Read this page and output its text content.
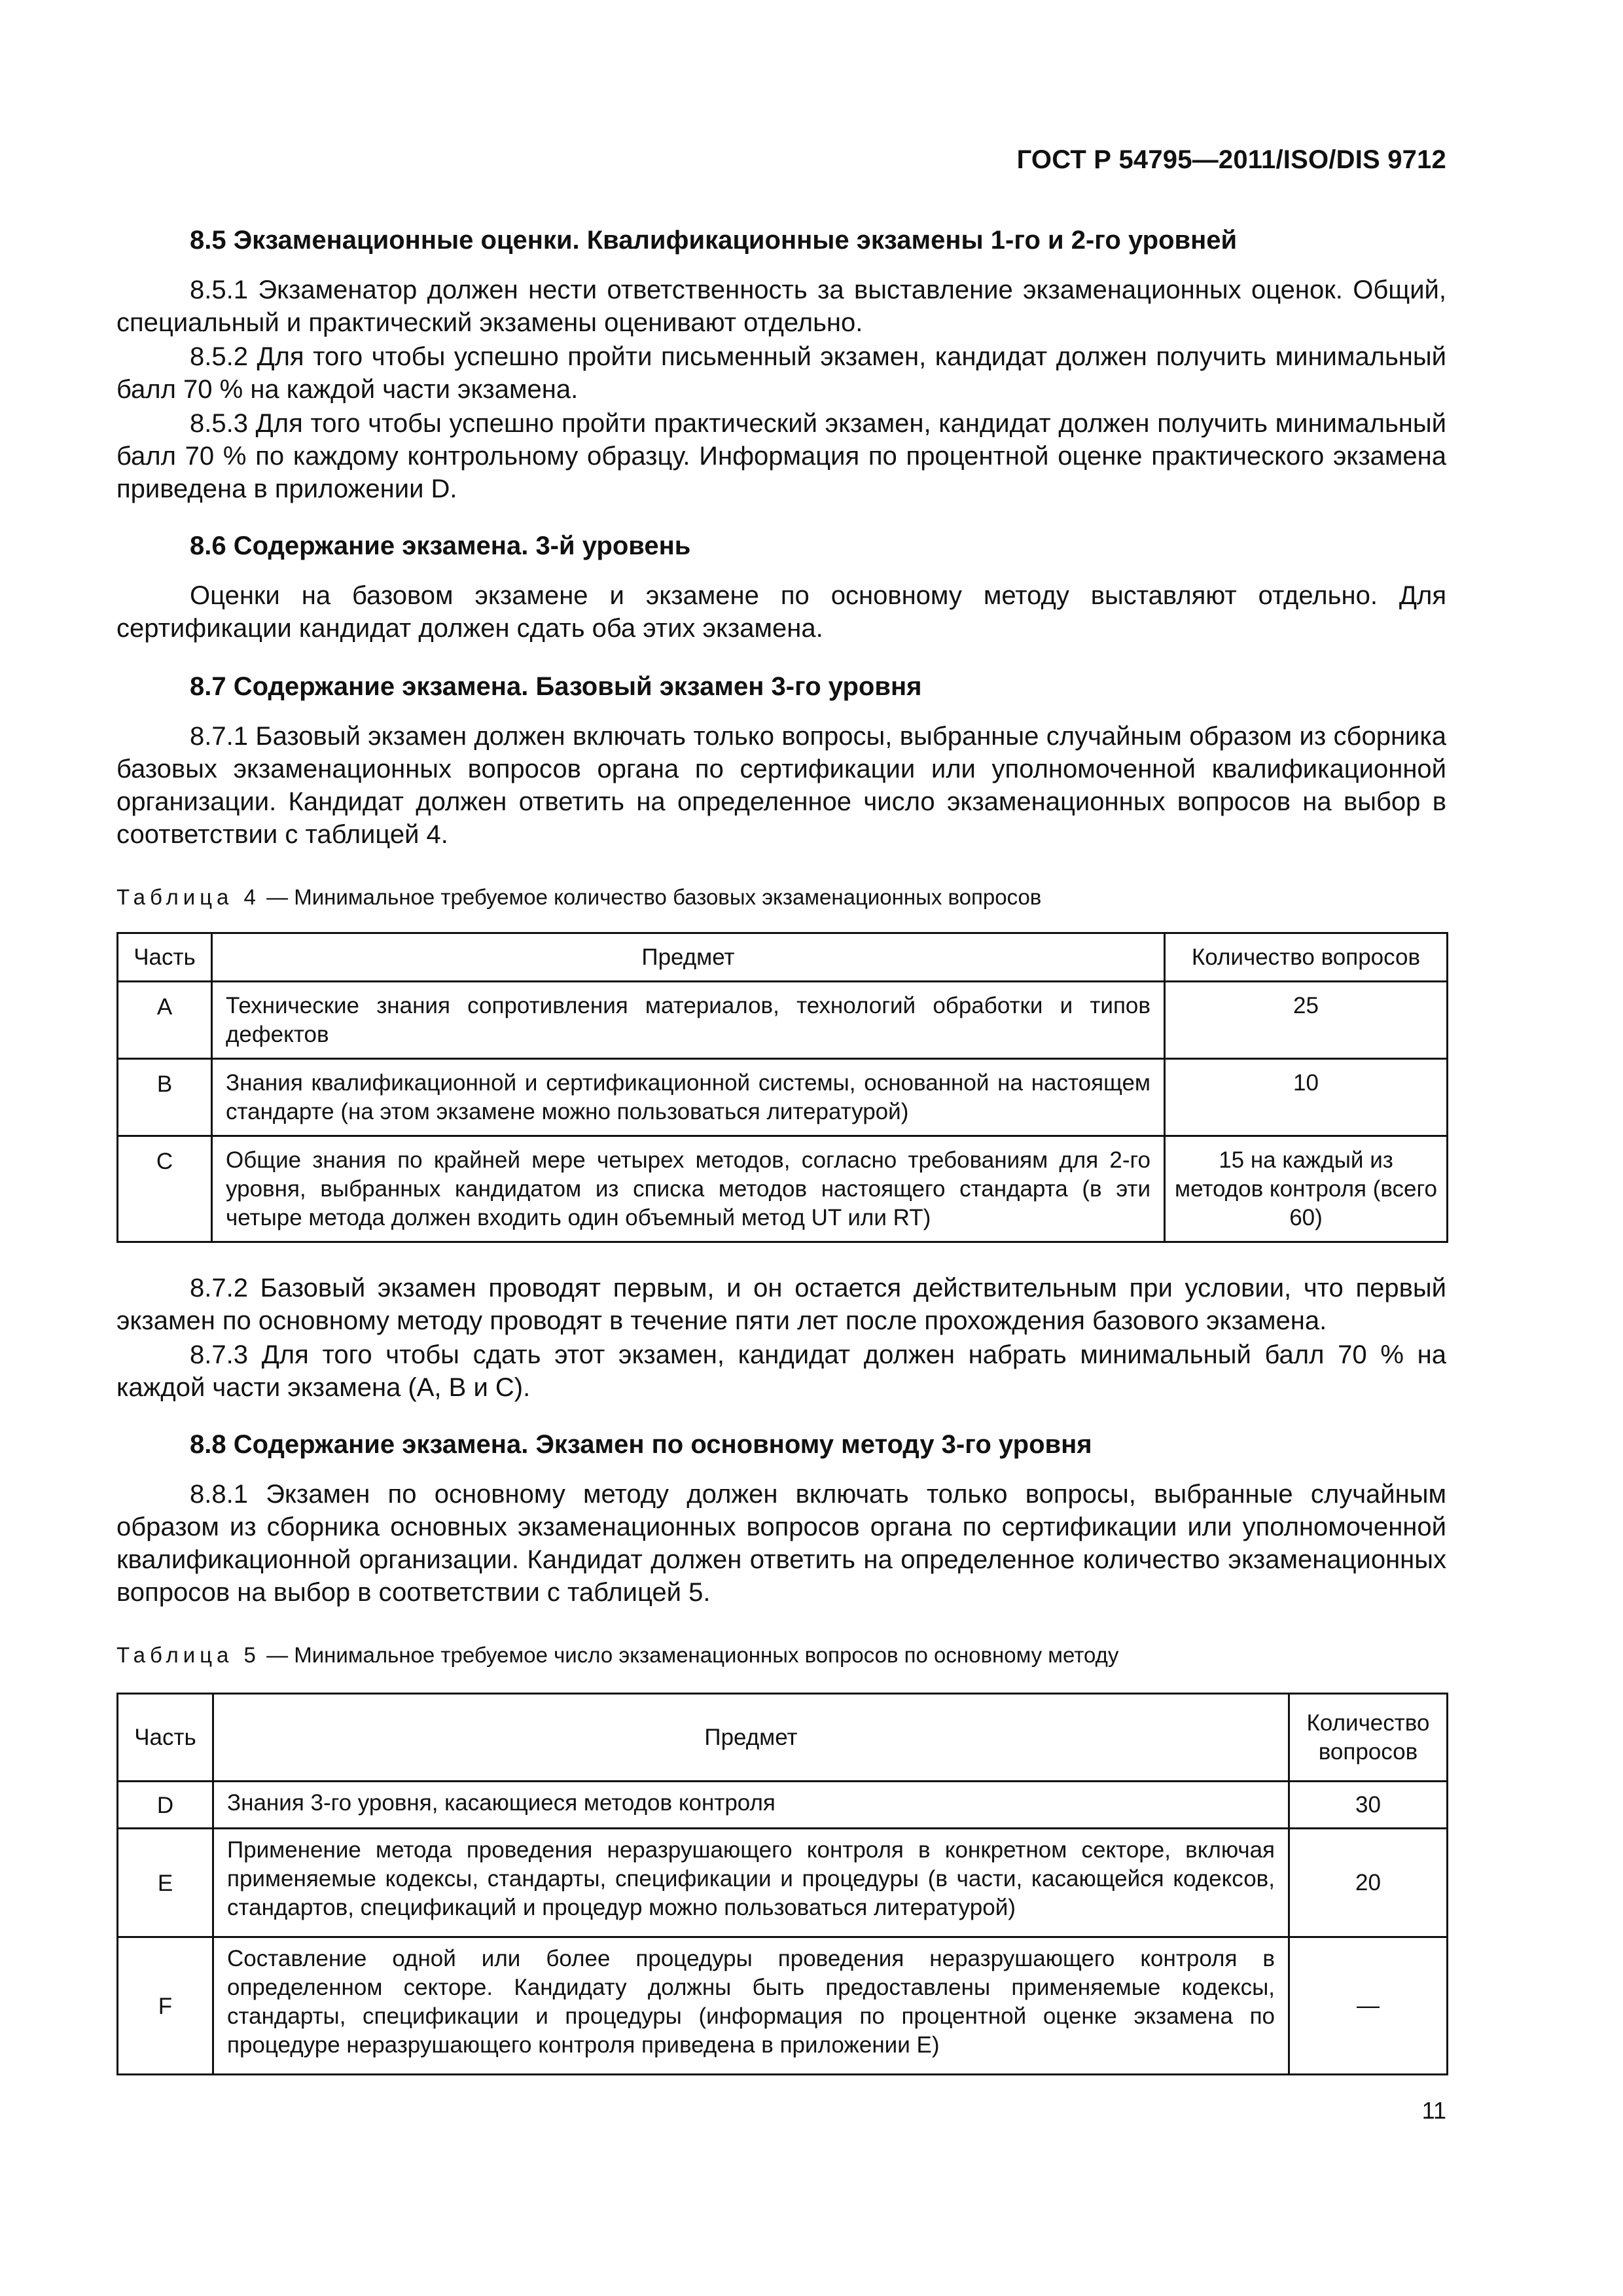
ГОСТ Р 54795—2011/ISO/DIS 9712
8.5 Экзаменационные оценки. Квалификационные экзамены 1-го и 2-го уровней

8.5.1 Экзаменатор должен нести ответственность за выставление экзаменационных оценок. Общий, специальный и практический экзамены оценивают отдельно.

8.5.2 Для того чтобы успешно пройти письменный экзамен, кандидат должен получить минимальный балл 70 % на каждой части экзамена.

8.5.3 Для того чтобы успешно пройти практический экзамен, кандидат должен получить минимальный балл 70 % по каждому контрольному образцу. Информация по процентной оценке практического экзамена приведена в приложении D.

8.6 Содержание экзамена. 3-й уровень

Оценки на базовом экзамене и экзамене по основному методу выставляют отдельно. Для сертификации кандидат должен сдать оба этих экзамена.

8.7 Содержание экзамена. Базовый экзамен 3-го уровня

8.7.1 Базовый экзамен должен включать только вопросы, выбранные случайным образом из сборника базовых экзаменационных вопросов органа по сертификации или уполномоченной квалификационной организации. Кандидат должен ответить на определенное число экзаменационных вопросов на выбор в соответствии с таблицей 4.

Таблица 4 — Минимальное требуемое количество базовых экзаменационных вопросов

Часть	Предмет	Количество вопросов
А	Технические знания сопротивления материалов, технологий обработки и типов дефектов	25
В	Знания квалификационной и сертификационной системы, основанной на настоящем стандарте (на этом экзамене можно пользоваться литературой)	10
С	Общие знания по крайней мере четырех методов, согласно требованиям для 2-го уровня, выбранных кандидатом из списка методов настоящего стандарта (в эти четыре метода должен входить один объемный метод UT или RT)	15 на каждый из методов контроля (всего 60)

8.7.2 Базовый экзамен проводят первым, и он остается действительным при условии, что первый экзамен по основному методу проводят в течение пяти лет после прохождения базового экзамена.

8.7.3 Для того чтобы сдать этот экзамен, кандидат должен набрать минимальный балл 70 % на каждой части экзамена (А, В и С).

8.8 Содержание экзамена. Экзамен по основному методу 3-го уровня

8.8.1 Экзамен по основному методу должен включать только вопросы, выбранные случайным образом из сборника основных экзаменационных вопросов органа по сертификации или уполномоченной квалификационной организации. Кандидат должен ответить на определенное количество экзаменационных вопросов на выбор в соответствии с таблицей 5.

Таблица 5 — Минимальное требуемое число экзаменационных вопросов по основному методу

Часть	Предмет	Количество вопросов
D	Знания 3-го уровня, касающиеся методов контроля	30
Е	Применение метода проведения неразрушающего контроля в конкретном секторе, включая применяемые кодексы, стандарты, спецификации и процедуры (в части, касающейся кодексов, стандартов, спецификаций и процедур можно пользоваться литературой)	20
F	Составление одной или более процедуры проведения неразрушающего контроля в определенном секторе. Кандидату должны быть предоставлены применяемые кодексы, стандарты, спецификации и процедуры (информация по процентной оценке экзамена по процедуре неразрушающего контроля приведена в приложении E)	—
11
